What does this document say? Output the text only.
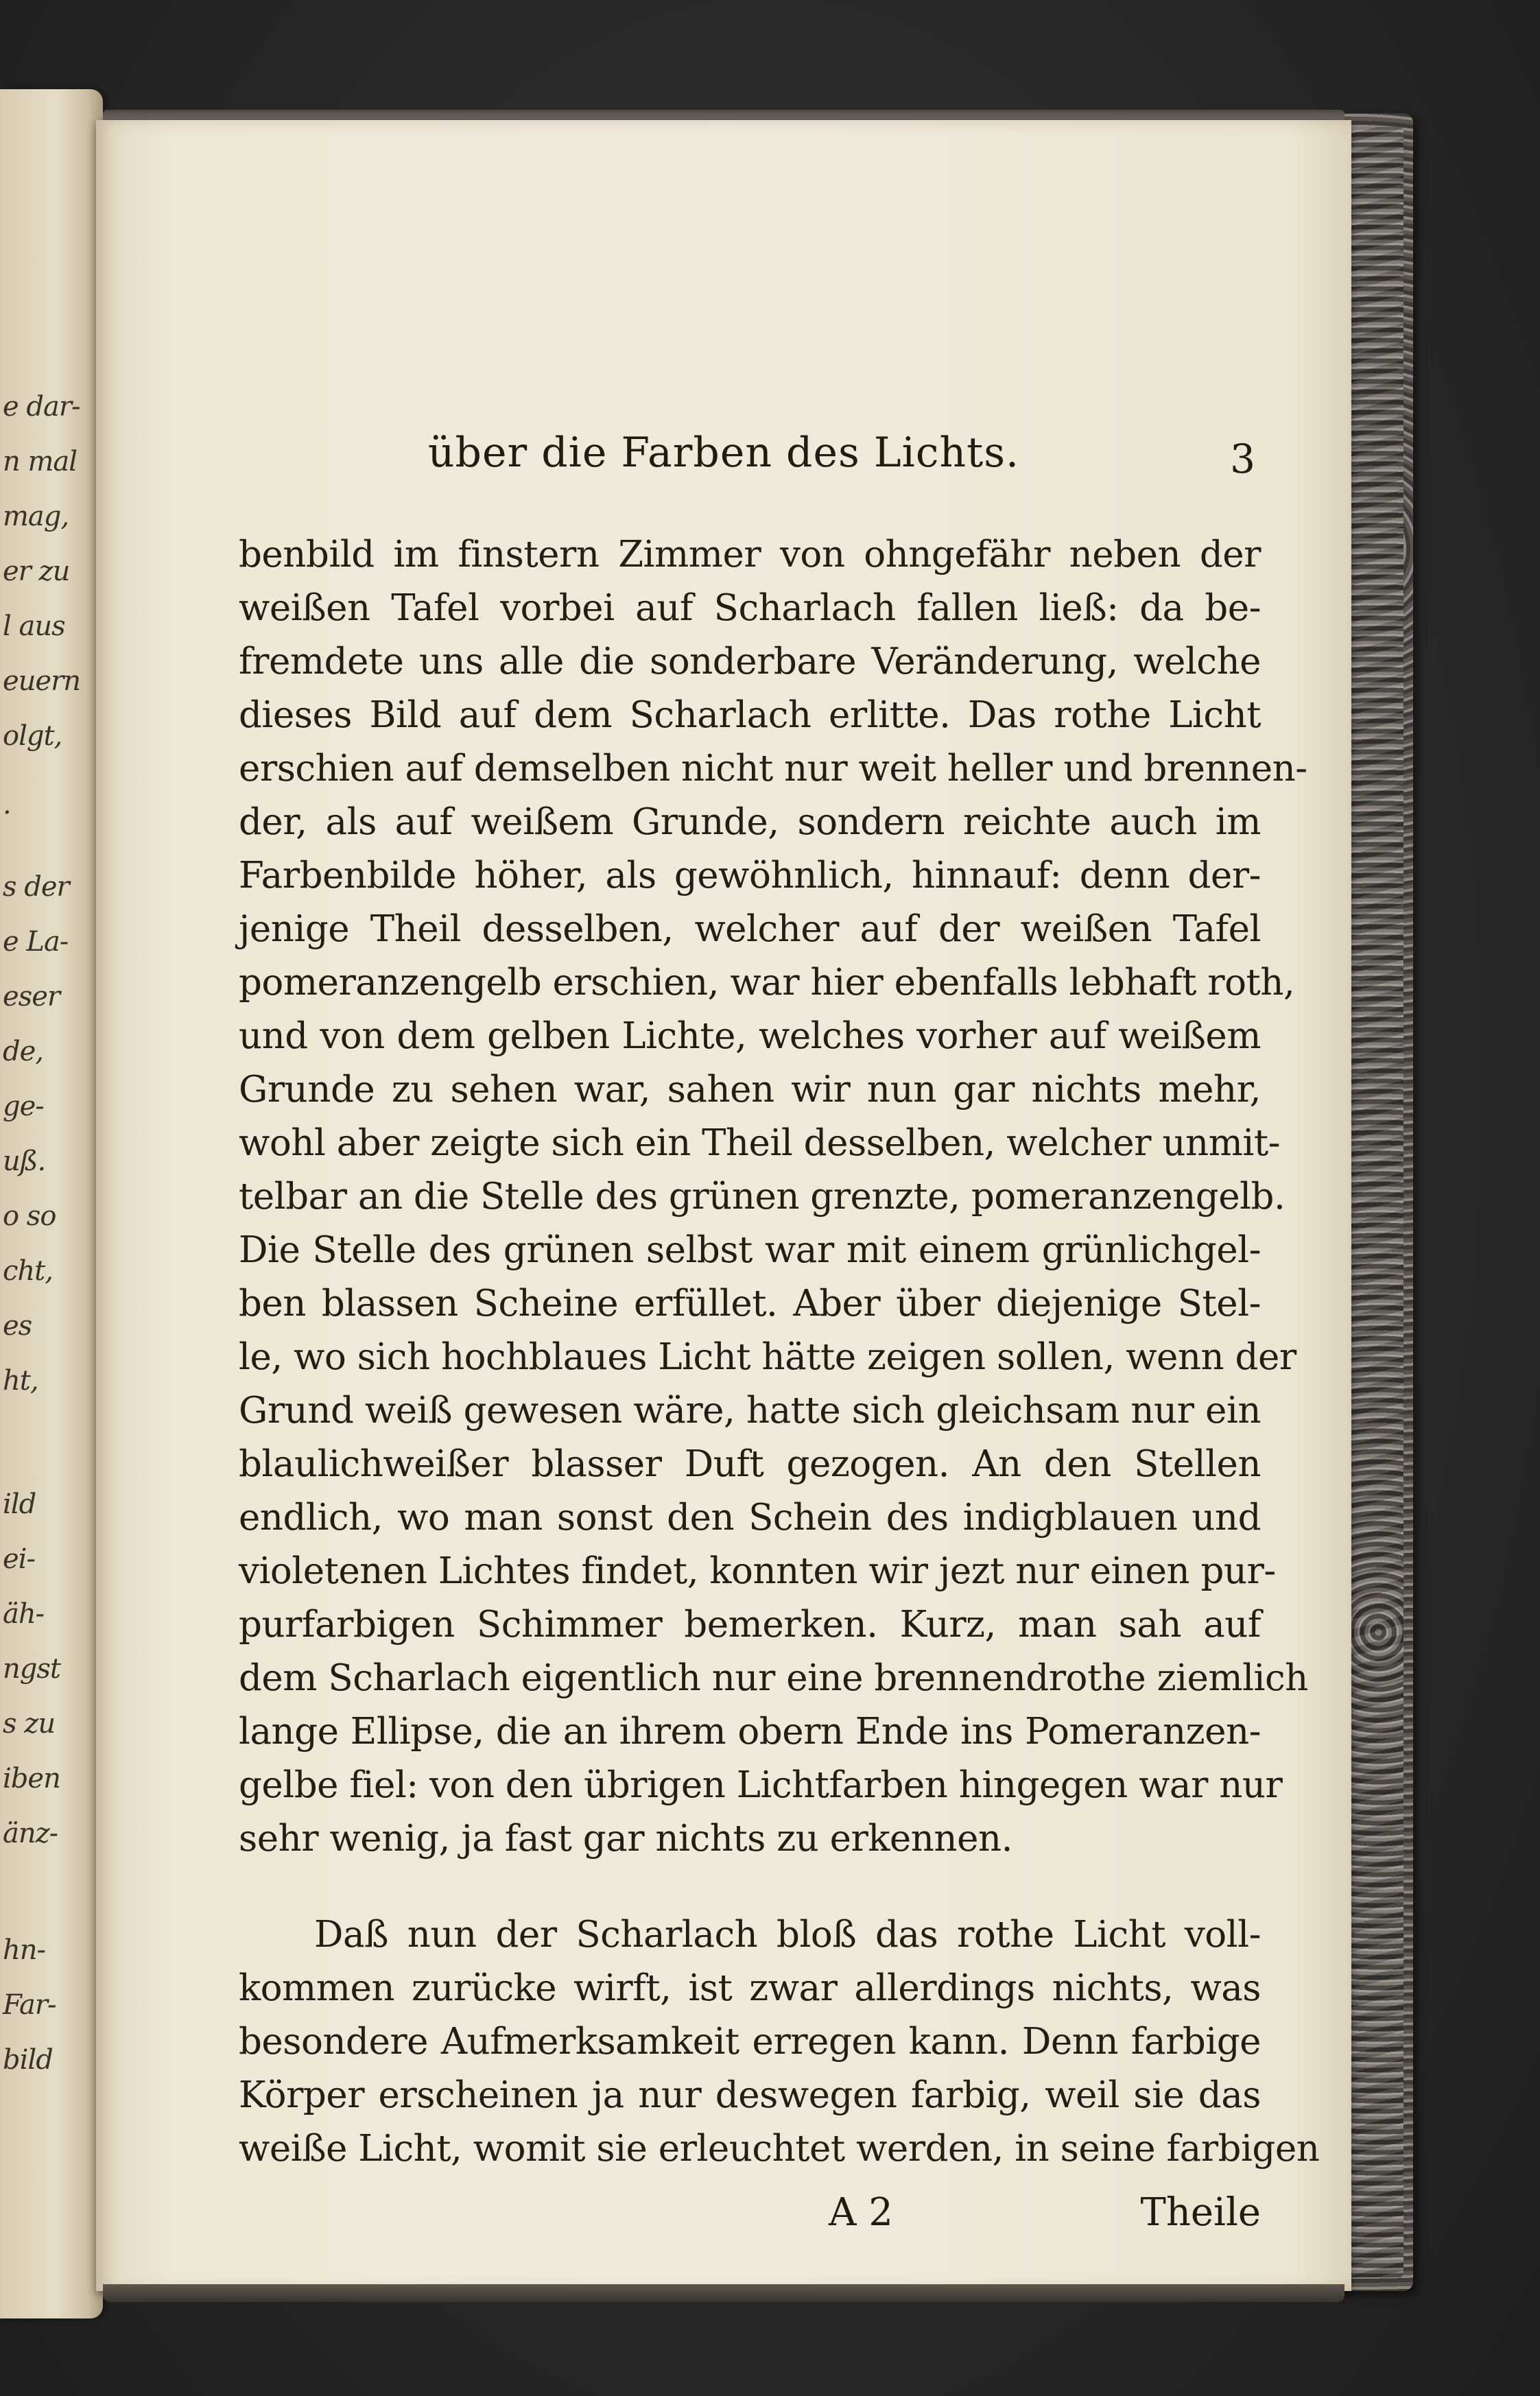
e dar-
n mal
mag,
er zu
l aus
euern
olgt,
.
s der
e La-
eser
de,
ge-
uß.
o so
cht,
es
ht,
ild
ei-
äh-
ngst
s zu
iben
änz-
hn-
Far-
bild
über die Farben des Lichts.	3
benbild im finstern Zimmer von ohngefähr neben der
weißen Tafel vorbei auf Scharlach fallen ließ: da be-
fremdete uns alle die sonderbare Veränderung, welche
dieses Bild auf dem Scharlach erlitte. Das rothe Licht
erschien auf demselben nicht nur weit heller und brennen-
der, als auf weißem Grunde, sondern reichte auch im
Farbenbilde höher, als gewöhnlich, hinnauf: denn der-
jenige Theil desselben, welcher auf der weißen Tafel
pomeranzengelb erschien, war hier ebenfalls lebhaft roth,
und von dem gelben Lichte, welches vorher auf weißem
Grunde zu sehen war, sahen wir nun gar nichts mehr,
wohl aber zeigte sich ein Theil desselben, welcher unmit-
telbar an die Stelle des grünen grenzte, pomeranzengelb.
Die Stelle des grünen selbst war mit einem grünlichgel-
ben blassen Scheine erfüllet. Aber über diejenige Stel-
le, wo sich hochblaues Licht hätte zeigen sollen, wenn der
Grund weiß gewesen wäre, hatte sich gleichsam nur ein
blaulichweißer blasser Duft gezogen. An den Stellen
endlich, wo man sonst den Schein des indigblauen und
violetenen Lichtes findet, konnten wir jezt nur einen pur-
purfarbigen Schimmer bemerken. Kurz, man sah auf
dem Scharlach eigentlich nur eine brennendrothe ziemlich
lange Ellipse, die an ihrem obern Ende ins Pomeranzen-
gelbe fiel: von den übrigen Lichtfarben hingegen war nur
sehr wenig, ja fast gar nichts zu erkennen.
Daß nun der Scharlach bloß das rothe Licht voll-
kommen zurücke wirft, ist zwar allerdings nichts, was
besondere Aufmerksamkeit erregen kann. Denn farbige
Körper erscheinen ja nur deswegen farbig, weil sie das
weiße Licht, womit sie erleuchtet werden, in seine farbigen
A 2	Theile
